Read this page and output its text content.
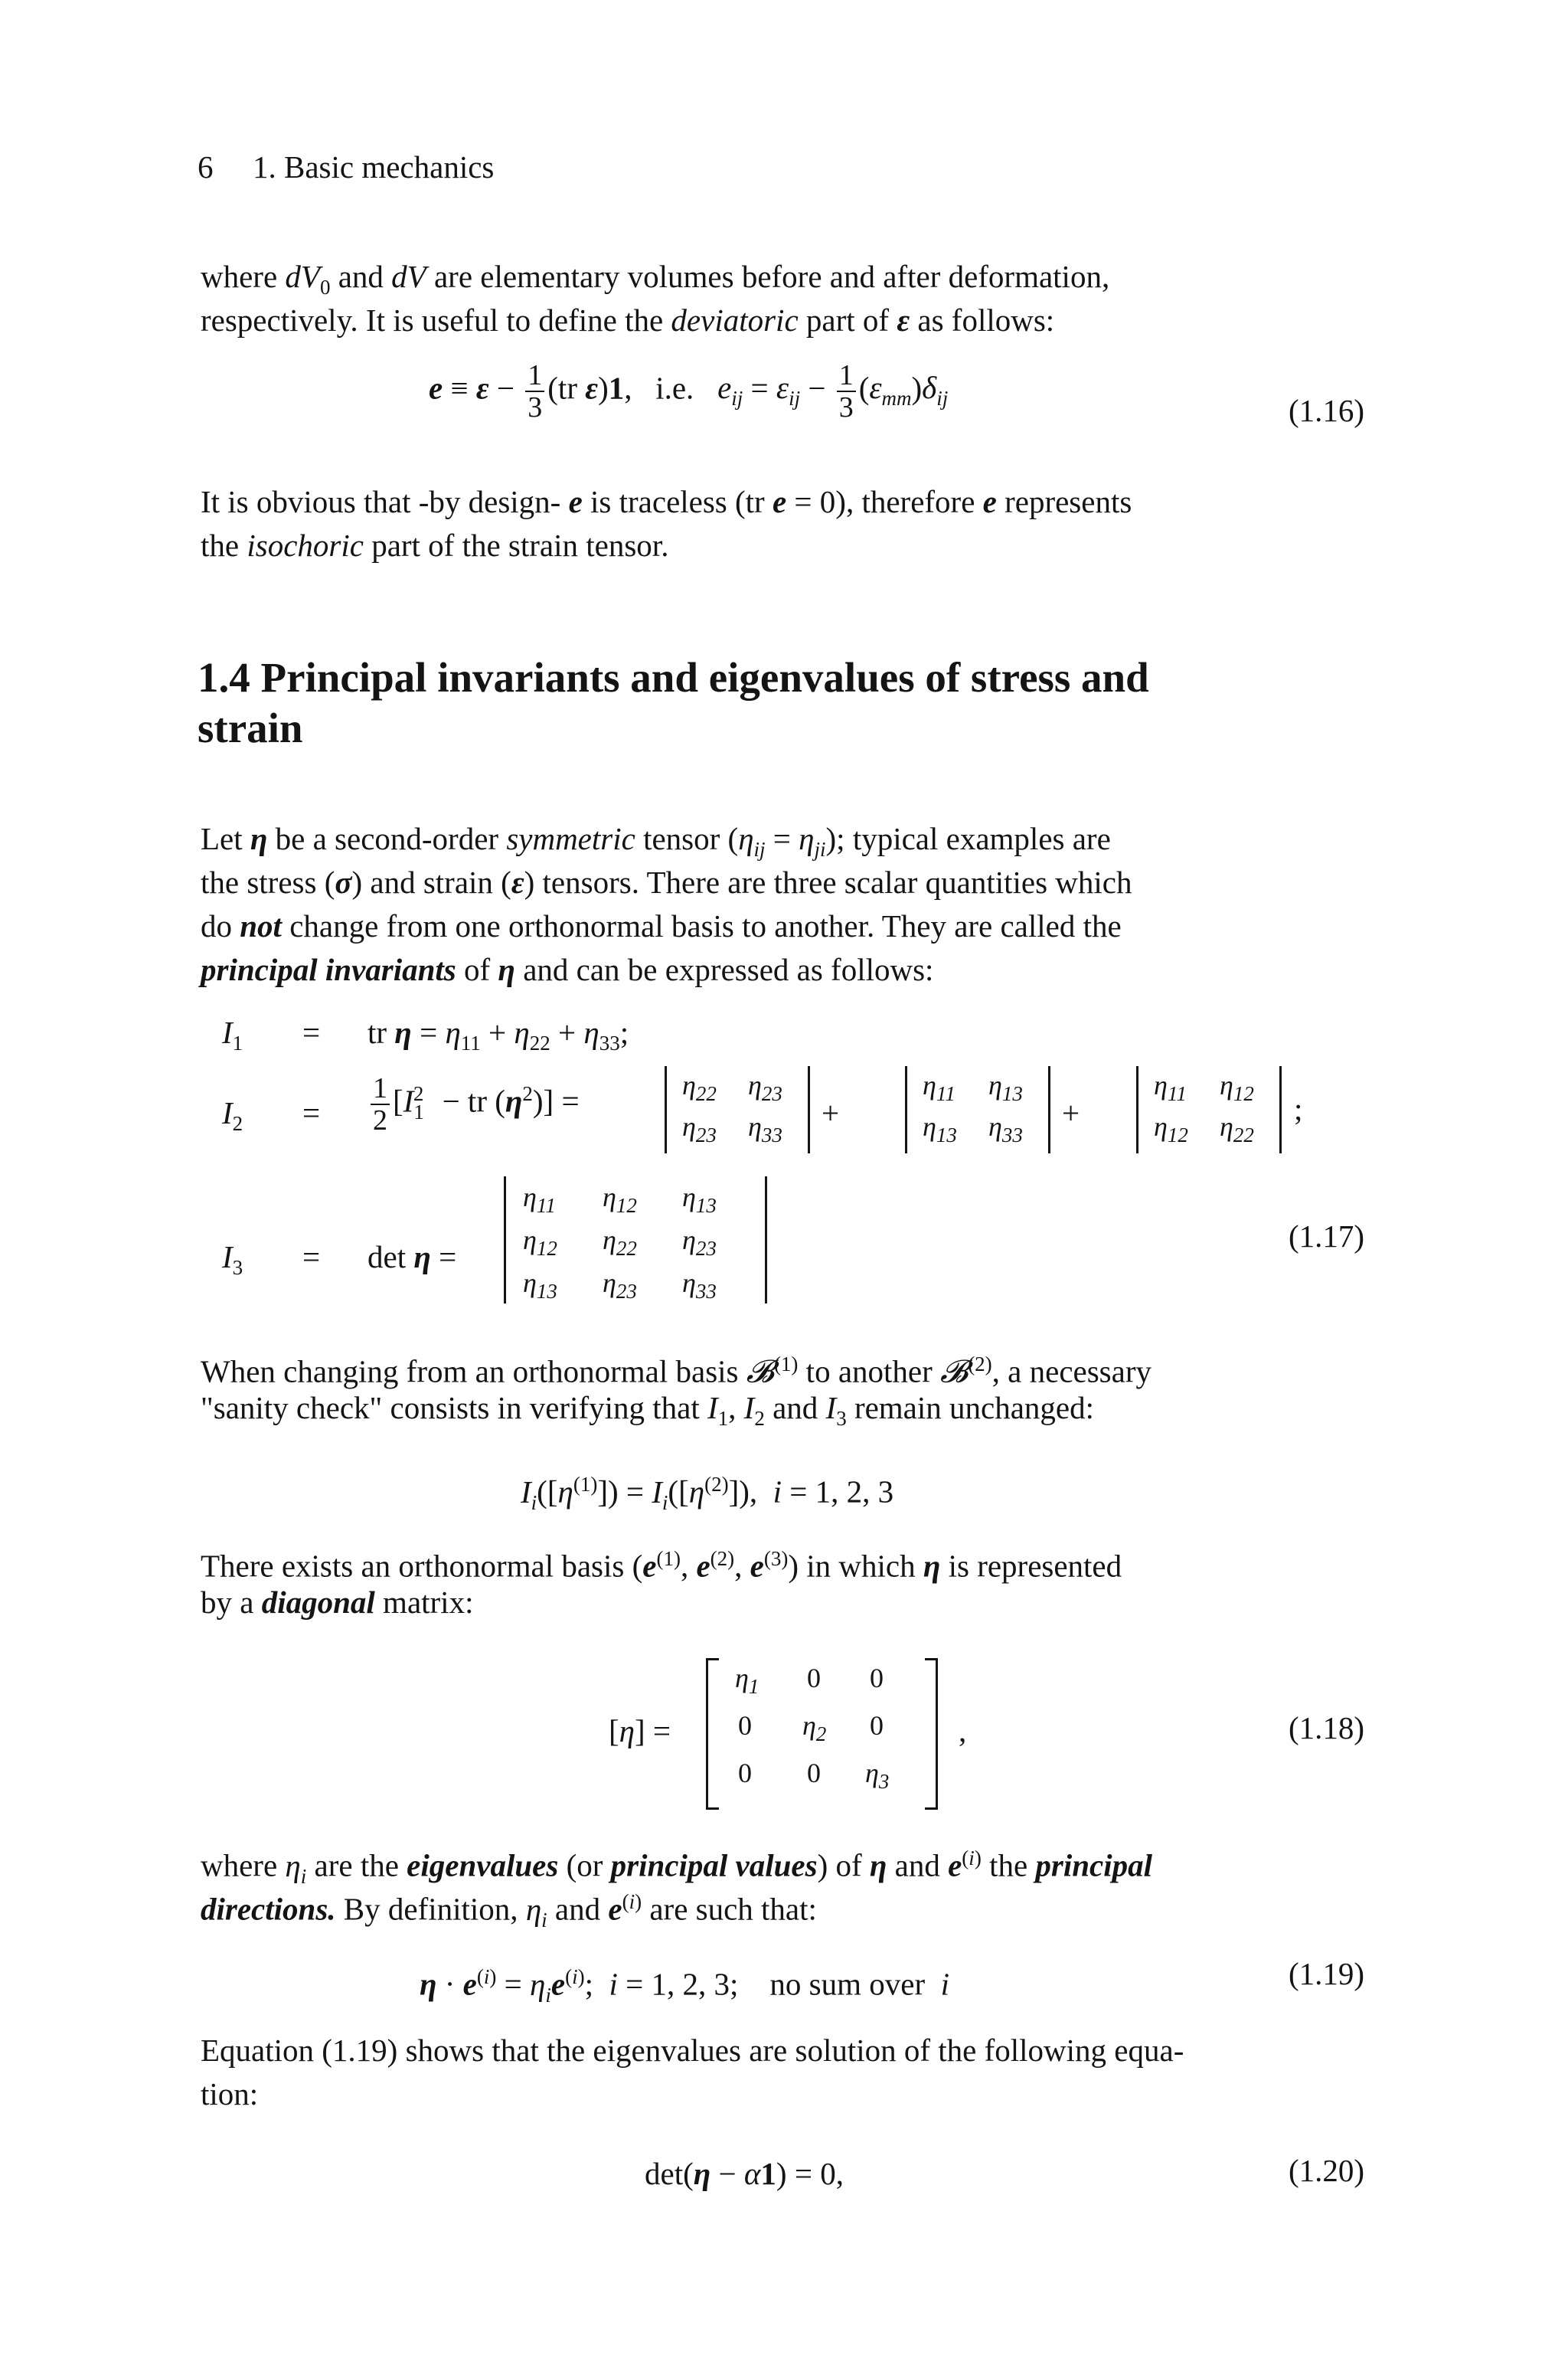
6 1. Basic mechanics
where $dV_0$ and dV are elementary volumes before and after deformation,
respectively. It is useful to define the deviatoric part of ε as follows:
$e \equiv \varepsilon - \frac{1}{3} (tr$ ε)1,   i.e. $e_{ij} = \varepsilon_{ij} - \frac{1}{3} (\varepsilon_{mm})\delta_{ij}$	(1.16)
It is obvious that -by design- e is traceless (tr e = 0), therefore e represents
the isochoric part of the strain tensor.
1.4 Principal invariants and eigenvalues of stress and
strain
Let η be a second-order symmetric tensor $(\eta_{ij} = \eta_{ji})$; typical examples are
the stress (σ) and strain (ε) tensors. There are three scalar quantities which
do not change from one orthonormal basis to another. They are called the
principal invariants of η and can be expressed as follows:
$I_1$ = tr $\eta = \eta_{11} + \eta_{22} + \eta_{33}$;
$I_2 = \frac{1}{2} [I_1^2$ − tr $(\eta^2)$] =	$\eta_{22}$ $\eta_{23}$
$\eta_{23}$ $\eta_{33}$
+
$\eta_{11}$ $\eta_{13}$
$\eta_{13}$ $\eta_{33}$
+
$\eta_{11}$ $\eta_{12}$
$\eta_{12}$ $\eta_{22}$
;
$I_3 = \det \eta$ =
$\eta_{11}$ $\eta_{12}$ $\eta_{13}$
$\eta_{12}$ $\eta_{22}$ $\eta_{23}$
$\eta_{13}$ $\eta_{23}$ $\eta_{33}$
(1.17)
When changing from an orthonormal basis 𝓑$^{(1)}$ to another 𝓑$^{(2)}$, a necessary
"sanity check" consists in verifying that $I_1$, $I_2$ and $I_3$ remain unchanged:
$I_i([\eta^{(1)}]) = I_i([\eta^{(2)}])$,  i = 1, 2, 3
There exists an orthonormal basis ($e^{(1)}$, $e^{(2)}$, $e^{(3)}$) in which η is represented
by a diagonal matrix:
[η] =
$\eta_1$ 0 0
0 $\eta_2$ 0
0 0 $\eta_3$
,	(1.18)
where $\eta_i$ are the eigenvalues (or principal values) of η and $e^{(i)}$ the principal
directions. By definition, $\eta_i$ and $e^{(i)}$ are such that:
$\eta \cdot e^{(i)} = \eta_ie^{(i)}$;  i = 1, 2, 3;    no sum over i	(1.19)
Equation (1.19) shows that the eigenvalues are solution of the following equa-
tion:
det(η − α1) = 0,	(1.20)
